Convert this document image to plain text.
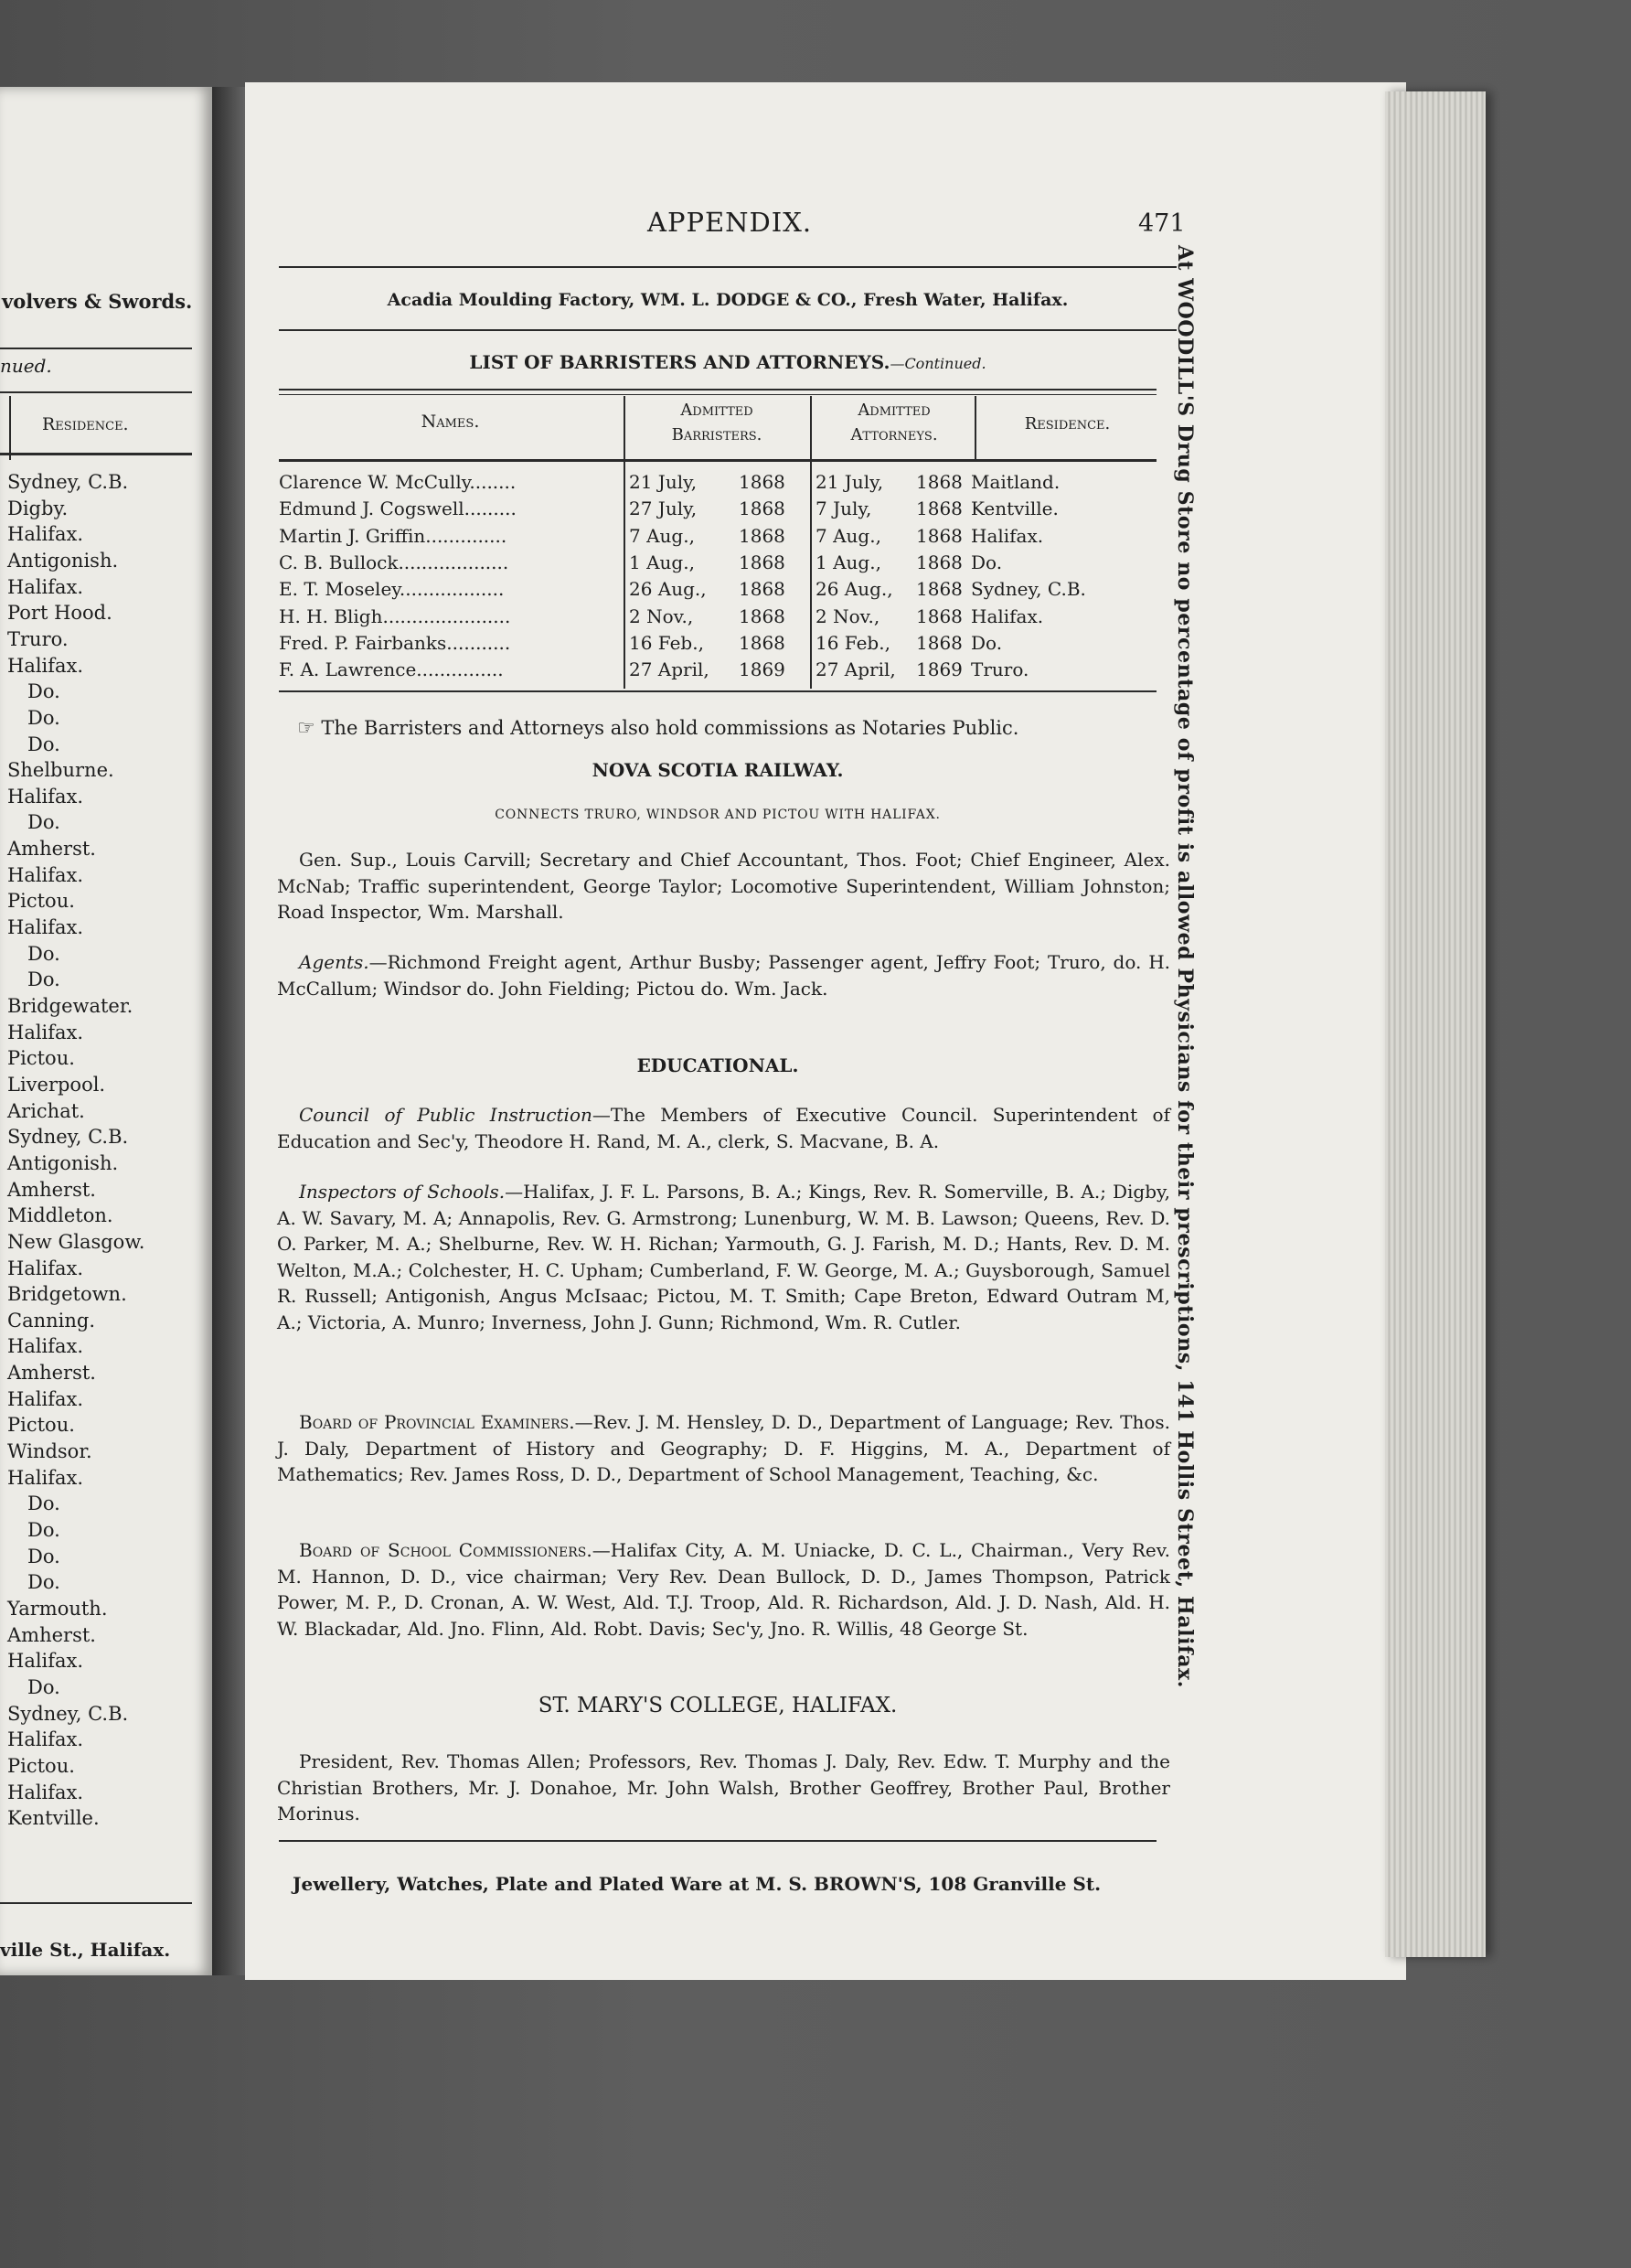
volvers & Swords.
nued.
Residence.
Sydney, C.B.
Digby.
Halifax.
Antigonish.
Halifax.
Port Hood.
Truro.
Halifax.
Do.
Do.
Do.
Shelburne.
Halifax.
Do.
Amherst.
Halifax.
Pictou.
Halifax.
Do.
Do.
Bridgewater.
Halifax.
Pictou.
Liverpool.
Arichat.
Sydney, C.B.
Antigonish.
Amherst.
Middleton.
New Glasgow.
Halifax.
Bridgetown.
Canning.
Halifax.
Amherst.
Halifax.
Pictou.
Windsor.
Halifax.
Do.
Do.
Do.
Do.
Yarmouth.
Amherst.
Halifax.
Do.
Sydney, C.B.
Halifax.
Pictou.
Halifax.
Kentville.
ville St., Halifax.
APPENDIX.	471
Acadia Moulding Factory, WM. L. DODGE & CO., Fresh Water, Halifax.
LIST OF BARRISTERS AND ATTORNEYS.—Continued.
Names.
Admitted
Barristers.
Admitted
Attorneys.
Residence.
Clarence W. McCully........	21 July, 1868 21 July, 1868 Maitland.
Edmund J. Cogswell.........	27 July, 1868 7 July, 1868 Kentville.
Martin J. Griffin..............	7 Aug., 1868 7 Aug., 1868 Halifax.
C. B. Bullock...................	1 Aug., 1868 1 Aug., 1868 Do.
E. T. Moseley..................	26 Aug., 1868 26 Aug., 1868 Sydney, C.B.
H. H. Bligh......................	2 Nov., 1868 2 Nov., 1868 Halifax.
Fred. P. Fairbanks...........	16 Feb., 1868 16 Feb., 1868 Do.
F. A. Lawrence...............	27 April, 1869 27 April, 1869 Truro.
☞ The Barristers and Attorneys also hold commissions as Notaries Public.
NOVA SCOTIA RAILWAY.
CONNECTS TRURO, WINDSOR AND PICTOU WITH HALIFAX.
Gen. Sup., Louis Carvill; Secretary and Chief Accountant, Thos. Foot; Chief Engineer, Alex. McNab; Traffic superintendent, George Taylor; Locomotive Superintendent, William Johnston; Road Inspector, Wm. Marshall.
Agents.—Richmond Freight agent, Arthur Busby; Passenger agent, Jeffry Foot; Truro, do. H. McCallum; Windsor do. John Fielding; Pictou do. Wm. Jack.
EDUCATIONAL.
Council of Public Instruction—The Members of Executive Council. Superintendent of Education and Sec'y, Theodore H. Rand, M. A., clerk, S. Macvane, B. A.
Inspectors of Schools.—Halifax, J. F. L. Parsons, B. A.; Kings, Rev. R. Somerville, B. A.; Digby, A. W. Savary, M. A; Annapolis, Rev. G. Armstrong; Lunenburg, W. M. B. Lawson; Queens, Rev. D. O. Parker, M. A.; Shelburne, Rev. W. H. Richan; Yarmouth, G. J. Farish, M. D.; Hants, Rev. D. M. Welton, M.A.; Colchester, H. C. Upham; Cumberland, F. W. George, M. A.; Guysborough, Samuel R. Russell; Antigonish, Angus McIsaac; Pictou, M. T. Smith; Cape Breton, Edward Outram M, A.; Victoria, A. Munro; Inverness, John J. Gunn; Richmond, Wm. R. Cutler.
Board of Provincial Examiners.—Rev. J. M. Hensley, D. D., Department of Language; Rev. Thos. J. Daly, Department of History and Geography; D. F. Higgins, M. A., Department of Mathematics; Rev. James Ross, D. D., Department of School Management, Teaching, &c.
Board of School Commissioners.—Halifax City, A. M. Uniacke, D. C. L., Chairman., Very Rev. M. Hannon, D. D., vice chairman; Very Rev. Dean Bullock, D. D., James Thompson, Patrick Power, M. P., D. Cronan, A. W. West, Ald. T.J. Troop, Ald. R. Richardson, Ald. J. D. Nash, Ald. H. W. Blackadar, Ald. Jno. Flinn, Ald. Robt. Davis; Sec'y, Jno. R. Willis, 48 George St.
ST. MARY'S COLLEGE, HALIFAX.
President, Rev. Thomas Allen; Professors, Rev. Thomas J. Daly, Rev. Edw. T. Murphy and the Christian Brothers, Mr. J. Donahoe, Mr. John Walsh, Brother Geoffrey, Brother Paul, Brother Morinus.
Jewellery, Watches, Plate and Plated Ware at M. S. BROWN'S, 108 Granville St.
At WOODILL'S Drug Store no percentage of profit is allowed Physicians for their prescriptions, 141 Hollis Street, Halifax.
